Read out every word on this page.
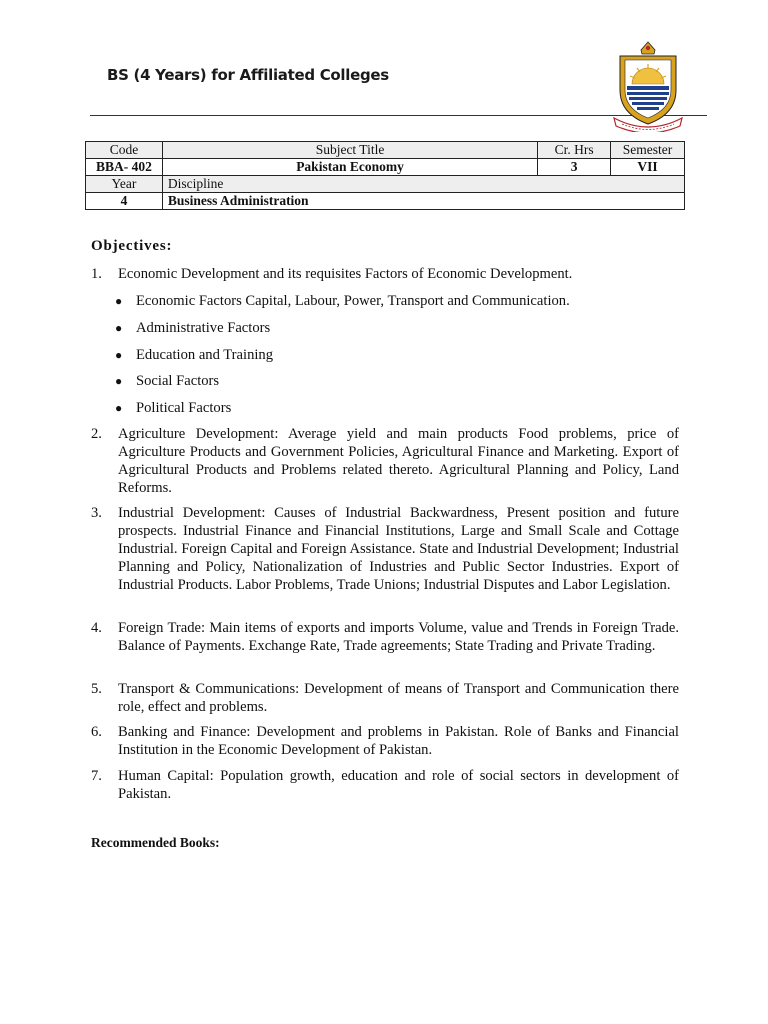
BS (4 Years) for Affiliated Colleges
Code	Subject Title	Cr. Hrs	Semester
BBA- 402	Pakistan Economy	3	VII
Year	Discipline		
4	Business Administration		
Objectives:
1. Economic Development and its requisites Factors of Economic Development.
● Economic Factors Capital, Labour, Power, Transport and Communication.
● Administrative Factors
● Education and Training
● Social Factors
● Political Factors
2. Agriculture Development: Average yield and main products Food problems, price of Agriculture Products and Government Policies, Agricultural Finance and Marketing. Export of Agricultural Products and Problems related thereto. Agricultural Planning and Policy, Land Reforms.
3. Industrial Development: Causes of Industrial Backwardness, Present position and future prospects. Industrial Finance and Financial Institutions, Large and Small Scale and Cottage Industrial. Foreign Capital and Foreign Assistance. State and Industrial Development; Industrial Planning and Policy, Nationalization of Industries and Public Sector Industries. Export of Industrial Products. Labor Problems, Trade Unions; Industrial Disputes and Labor Legislation.
4. Foreign Trade: Main items of exports and imports Volume, value and Trends in Foreign Trade. Balance of Payments. Exchange Rate, Trade agreements; State Trading and Private Trading.
5. Transport & Communications: Development of means of Transport and Communication there role, effect and problems.
6. Banking and Finance: Development and problems in Pakistan. Role of Banks and Financial Institution in the Economic Development of Pakistan.
7. Human Capital: Population growth, education and role of social sectors in development of Pakistan.
Recommended Books:
